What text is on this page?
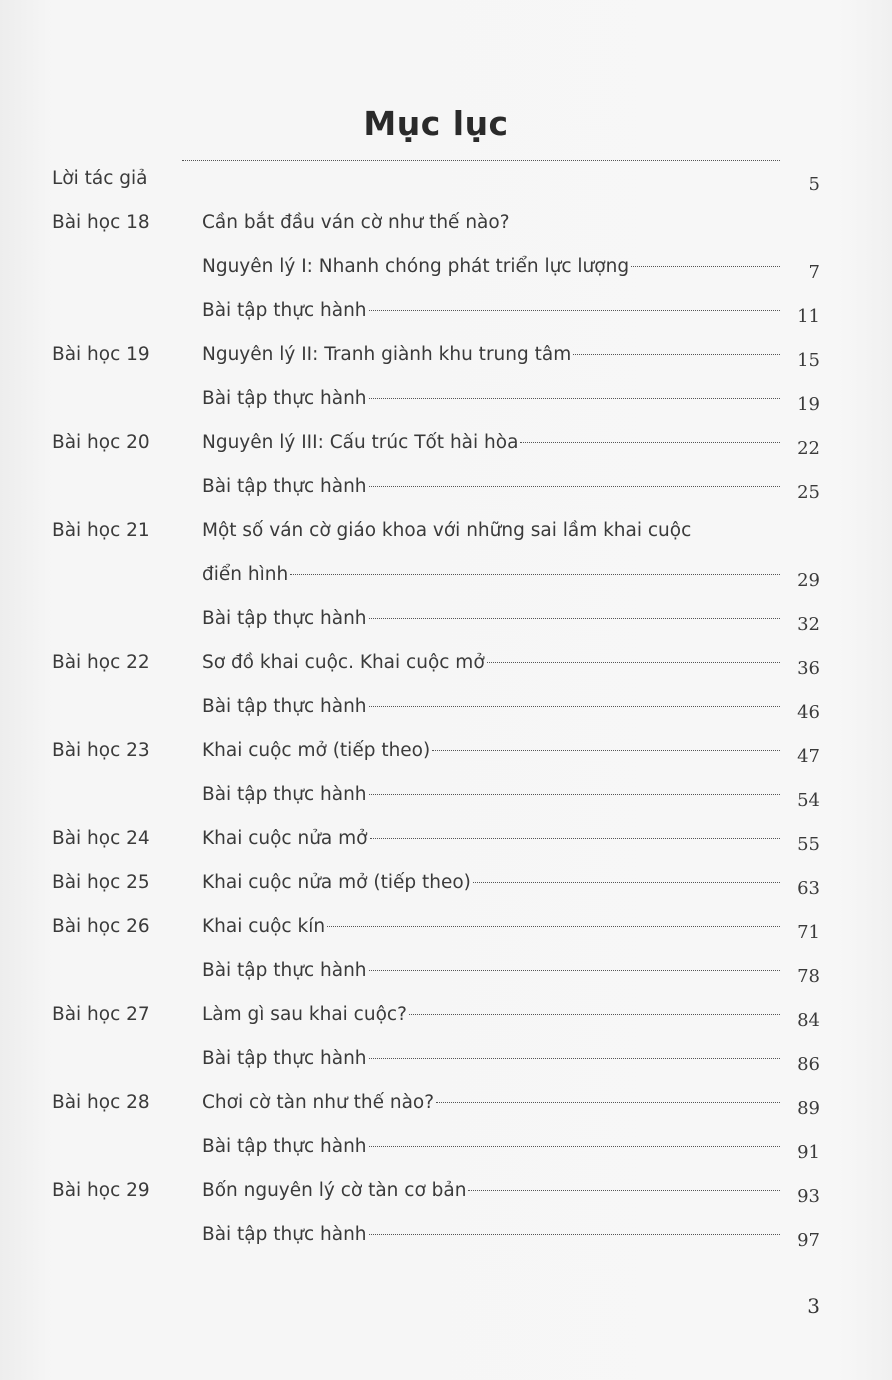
Mục lục
Lời tác giả	5
Bài học 18	Cần bắt đầu ván cờ như thế nào?
Nguyên lý I: Nhanh chóng phát triển lực lượng	7
Bài tập thực hành	11
Bài học 19	Nguyên lý II: Tranh giành khu trung tâm	15
Bài tập thực hành	19
Bài học 20	Nguyên lý III: Cấu trúc Tốt hài hòa	22
Bài tập thực hành	25
Bài học 21	Một số ván cờ giáo khoa với những sai lầm khai cuộc
điển hình	29
Bài tập thực hành	32
Bài học 22	Sơ đồ khai cuộc. Khai cuộc mở	36
Bài tập thực hành	46
Bài học 23	Khai cuộc mở (tiếp theo)	47
Bài tập thực hành	54
Bài học 24	Khai cuộc nửa mở	55
Bài học 25	Khai cuộc nửa mở (tiếp theo)	63
Bài học 26	Khai cuộc kín	71
Bài tập thực hành	78
Bài học 27	Làm gì sau khai cuộc?	84
Bài tập thực hành	86
Bài học 28	Chơi cờ tàn như thế nào?	89
Bài tập thực hành	91
Bài học 29	Bốn nguyên lý cờ tàn cơ bản	93
Bài tập thực hành	97
3
